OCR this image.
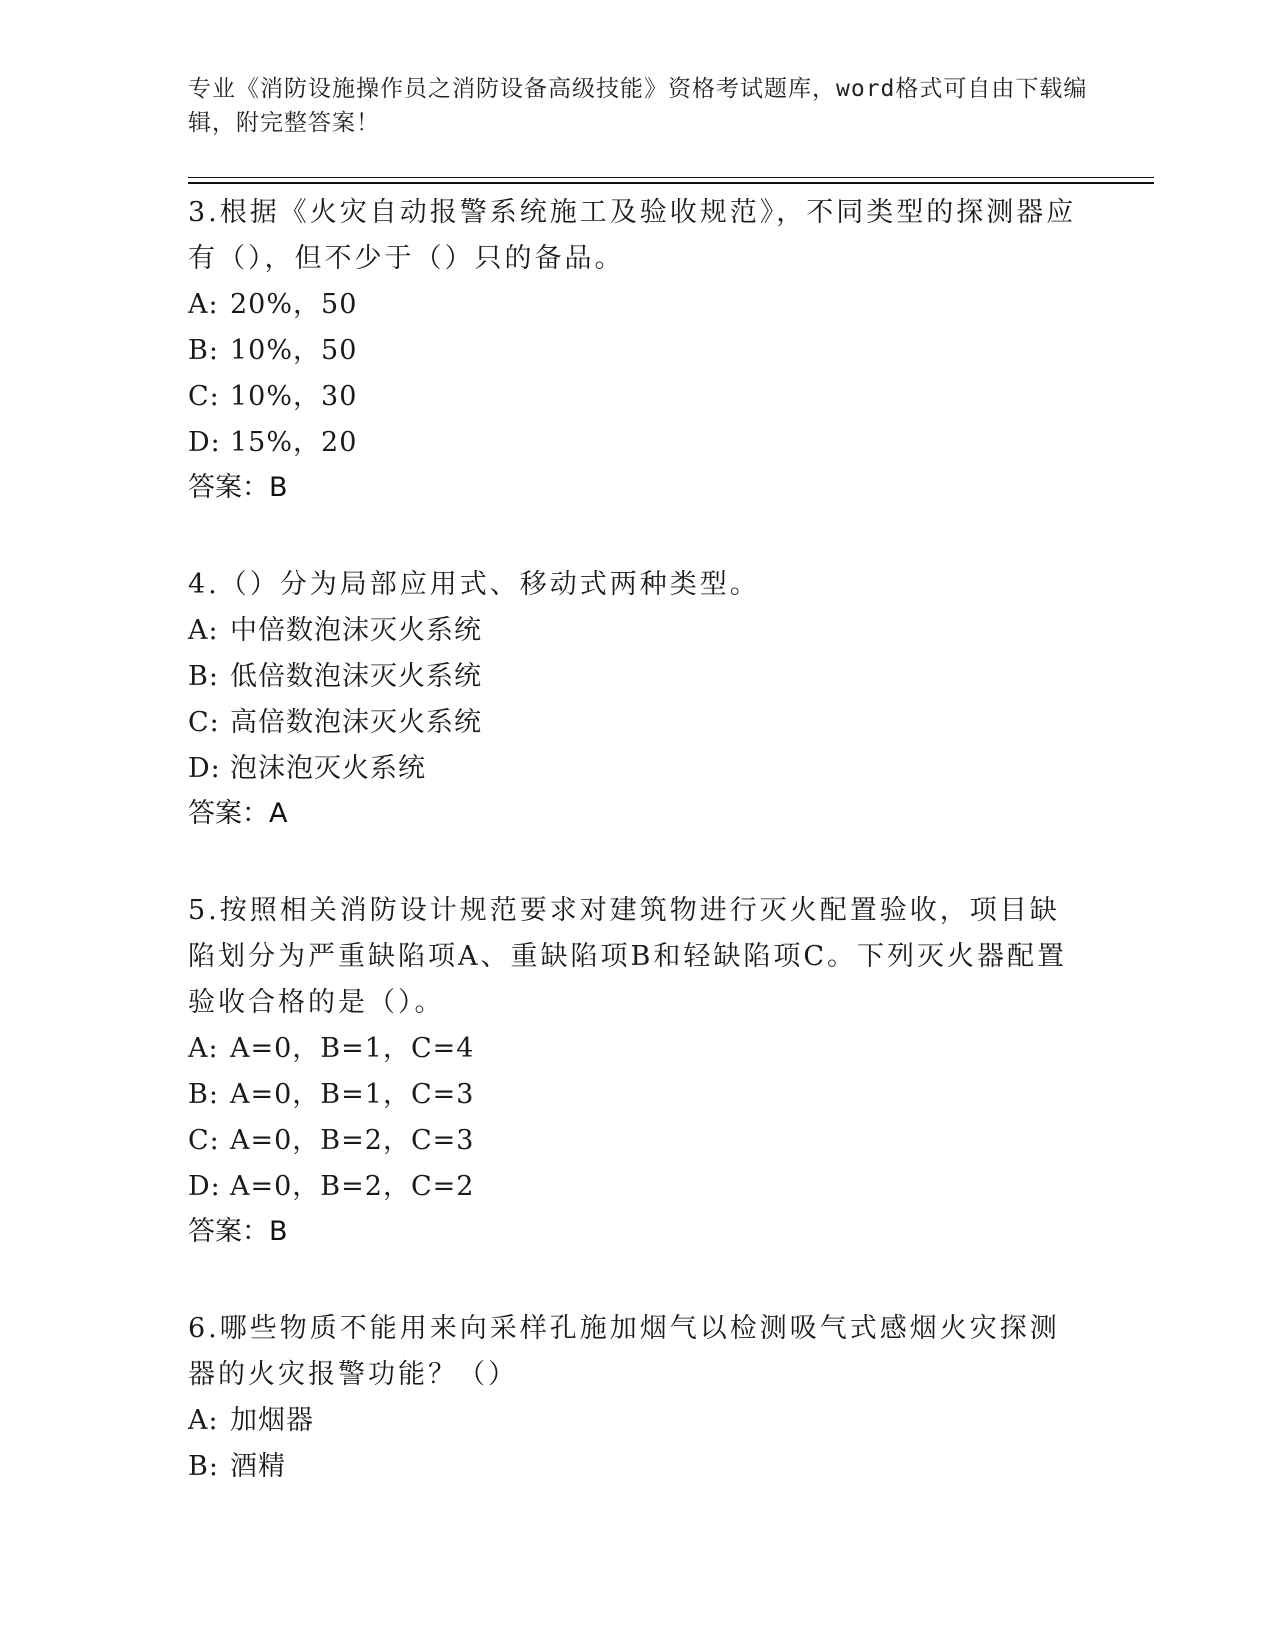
专业《消防设施操作员之消防设备高级技能》资格考试题库，word格式可自由下载编辑，附完整答案！
3.根据《火灾自动报警系统施工及验收规范》，不同类型的探测器应有（），但不少于（）只的备品。
A: 20%，50
B: 10%，50
C: 10%，30
D: 15%，20
答案：B
4.（）分为局部应用式、移动式两种类型。
A: 中倍数泡沫灭火系统
B: 低倍数泡沫灭火系统
C: 高倍数泡沫灭火系统
D: 泡沫泡灭火系统
答案：A
5.按照相关消防设计规范要求对建筑物进行灭火配置验收，项目缺陷划分为严重缺陷项A、重缺陷项B和轻缺陷项C。下列灭火器配置验收合格的是（）。
A: A=0，B=1，C=4
B: A=0，B=1，C=3
C: A=0，B=2，C=3
D: A=0，B=2，C=2
答案：B
6.哪些物质不能用来向采样孔施加烟气以检测吸气式感烟火灾探测器的火灾报警功能？（）
A: 加烟器
B: 酒精
